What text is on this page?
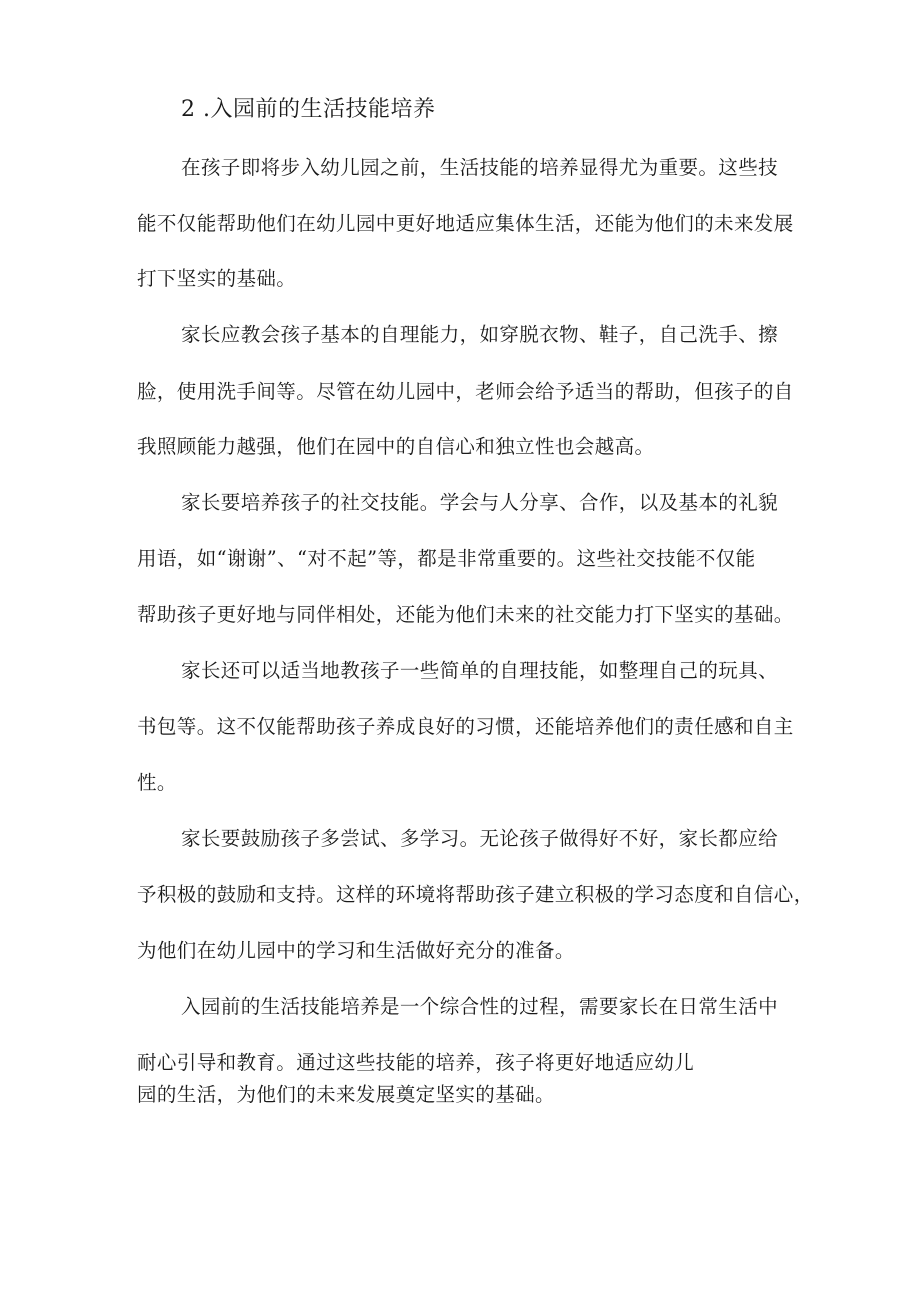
2 .入园前的生活技能培养
在孩子即将步入幼儿园之前，生活技能的培养显得尤为重要。这些技
能不仅能帮助他们在幼儿园中更好地适应集体生活，还能为他们的未来发展
打下坚实的基础。
家长应教会孩子基本的自理能力，如穿脱衣物、鞋子，自己洗手、擦
脸，使用洗手间等。尽管在幼儿园中，老师会给予适当的帮助，但孩子的自
我照顾能力越强，他们在园中的自信心和独立性也会越高。
家长要培养孩子的社交技能。学会与人分享、合作，以及基本的礼貌
用语，如“谢谢”、“对不起”等，都是非常重要的。这些社交技能不仅能
帮助孩子更好地与同伴相处，还能为他们未来的社交能力打下坚实的基础。
家长还可以适当地教孩子一些简单的自理技能，如整理自己的玩具、
书包等。这不仅能帮助孩子养成良好的习惯，还能培养他们的责任感和自主
性。
家长要鼓励孩子多尝试、多学习。无论孩子做得好不好，家长都应给
予积极的鼓励和支持。这样的环境将帮助孩子建立积极的学习态度和自信心，
为他们在幼儿园中的学习和生活做好充分的准备。
入园前的生活技能培养是一个综合性的过程，需要家长在日常生活中
耐心引导和教育。通过这些技能的培养，孩子将更好地适应幼儿
园的生活，为他们的未来发展奠定坚实的基础。
